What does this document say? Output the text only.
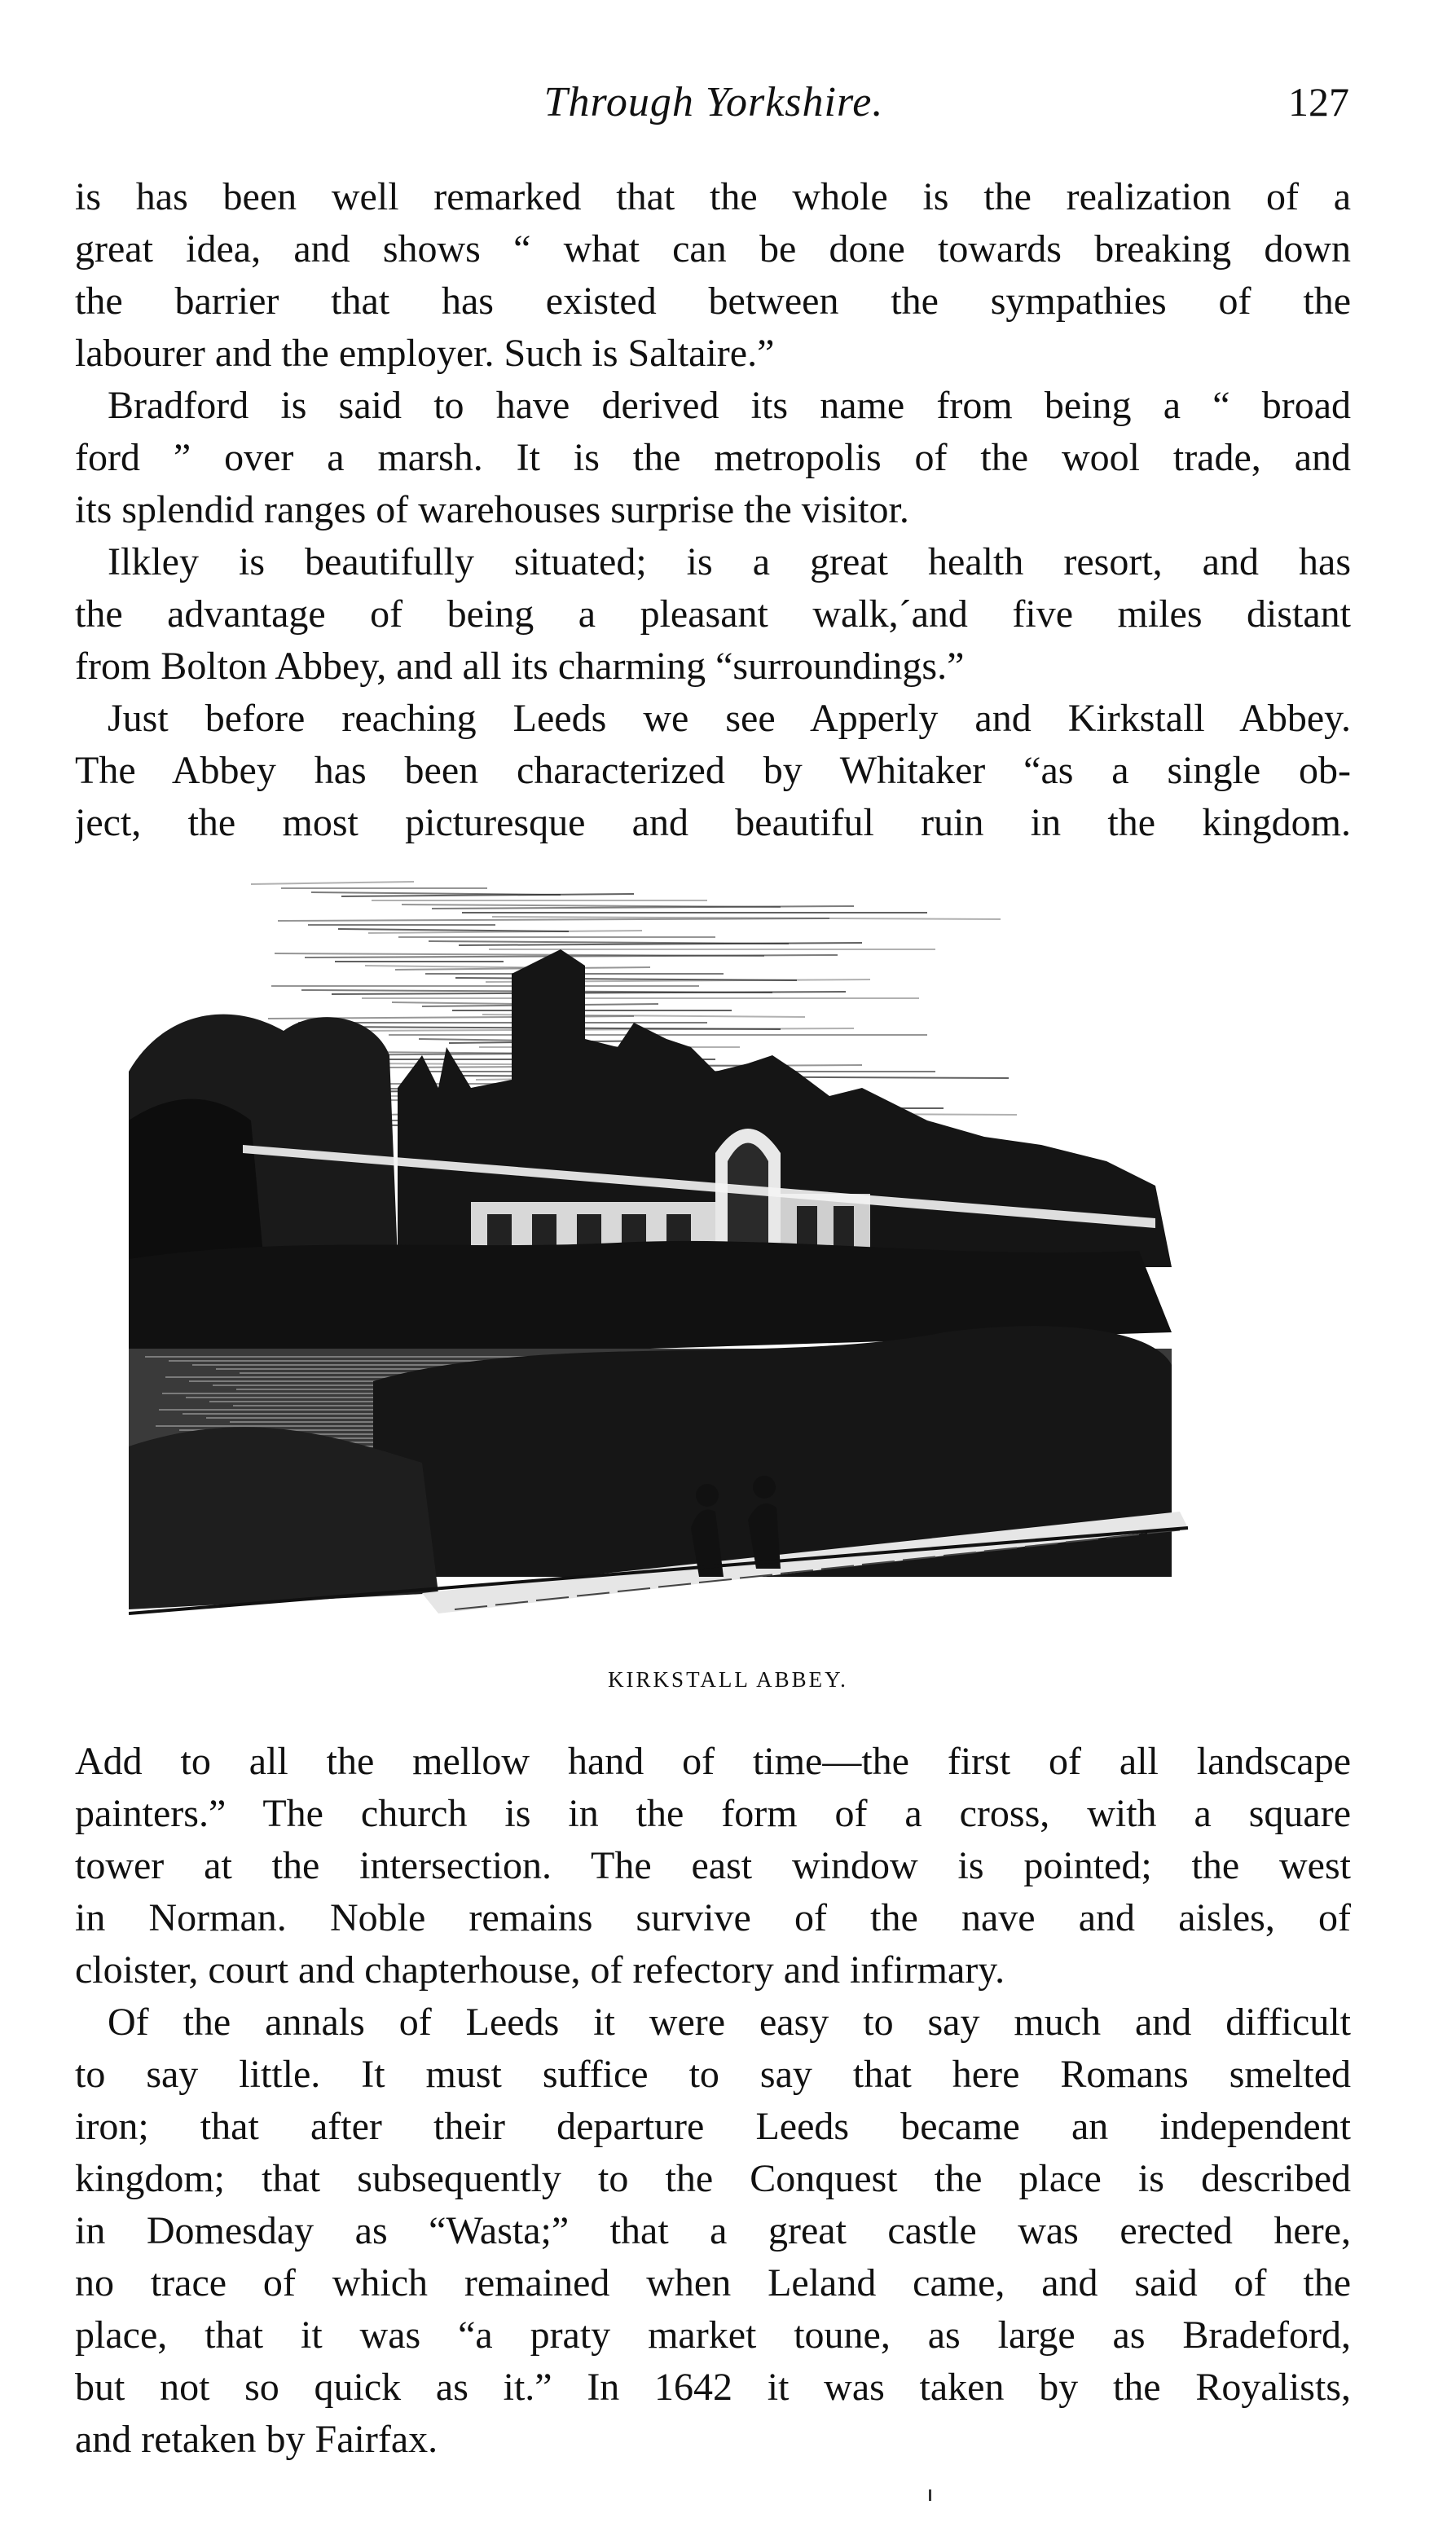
Through Yorkshire.	127
is has been well remarked that the whole is the realization of a
great idea, and shows “ what can be done towards breaking down
the barrier that has existed between the sympathies of the
labourer and the employer. Such is Saltaire.”
Bradford is said to have derived its name from being a “ broad
ford ” over a marsh. It is the metropolis of the wool trade, and
its splendid ranges of warehouses surprise the visitor.
Ilkley is beautifully situated; is a great health resort, and has
the advantage of being a pleasant walk,´and five miles distant
from Bolton Abbey, and all its charming “surroundings.”
Just before reaching Leeds we see Apperly and Kirkstall Abbey.
The Abbey has been characterized by Whitaker “as a single ob-
ject, the most picturesque and beautiful ruin in the kingdom.
KIRKSTALL ABBEY.
Add to all the mellow hand of time—the first of all landscape
painters.” The church is in the form of a cross, with a square
tower at the intersection. The east window is pointed; the west
in Norman. Noble remains survive of the nave and aisles, of
cloister, court and chapterhouse, of refectory and infirmary.
Of the annals of Leeds it were easy to say much and difficult
to say little. It must suffice to say that here Romans smelted
iron; that after their departure Leeds became an independent
kingdom; that subsequently to the Conquest the place is described
in Domesday as “Wasta;” that a great castle was erected here,
no trace of which remained when Leland came, and said of the
place, that it was “a praty market toune, as large as Bradeford,
but not so quick as it.” In 1642 it was taken by the Royalists,
and retaken by Fairfax.
